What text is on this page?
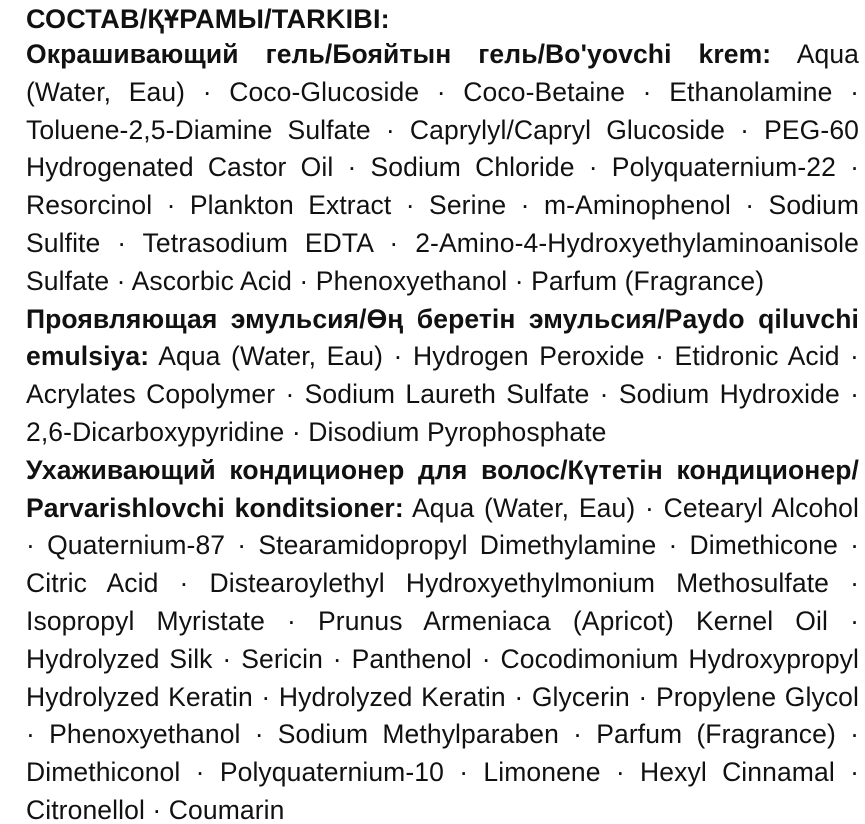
СОСТАВ/ҚҰРАМЫ/TARKIBI:

Окрашивающий гель/Бояйтын гель/Bo'yovchi krem: Aqua (Water, Eau) · Coco-Glucoside · Coco-Betaine · Ethanolamine · Toluene-2,5-Diamine Sulfate · Caprylyl/Capryl Glucoside · PEG-60 Hydrogenated Castor Oil · Sodium Chloride · Polyquaternium-22 · Resorcinol · Plankton Extract · Serine · m-Aminophenol · Sodium Sulfite · Tetrasodium EDTA · 2-Amino-4-Hydroxyethylaminoanisole Sulfate · Ascorbic Acid · Phenoxyethanol · Parfum (Fragrance)

Проявляющая эмульсия/Өң беретін эмульсия/Paydo qiluvchi emulsiya: Aqua (Water, Eau) · Hydrogen Peroxide · Etidronic Acid · Acrylates Copolymer · Sodium Laureth Sulfate · Sodium Hydroxide · 2,6-Dicarboxypyridine · Disodium Pyrophosphate

Ухаживающий кондиционер для волос/Күтетін кондиционер/ Parvarishlovchi konditsioner: Aqua (Water, Eau) · Cetearyl Alcohol · Quaternium-87 · Stearamidopropyl Dimethylamine · Dimethicone · Citric Acid · Distearoylethyl Hydroxyethylmonium Methosulfate · Isopropyl Myristate · Prunus Armeniaca (Apricot) Kernel Oil · Hydrolyzed Silk · Sericin · Panthenol · Cocodimonium Hydroxypropyl Hydrolyzed Keratin · Hydrolyzed Keratin · Glycerin · Propylene Glycol · Phenoxyethanol · Sodium Methylparaben · Parfum (Fragrance) · Dimethiconol · Polyquaternium-10 · Limonene · Hexyl Cinnamal · Citronellol · Coumarin
